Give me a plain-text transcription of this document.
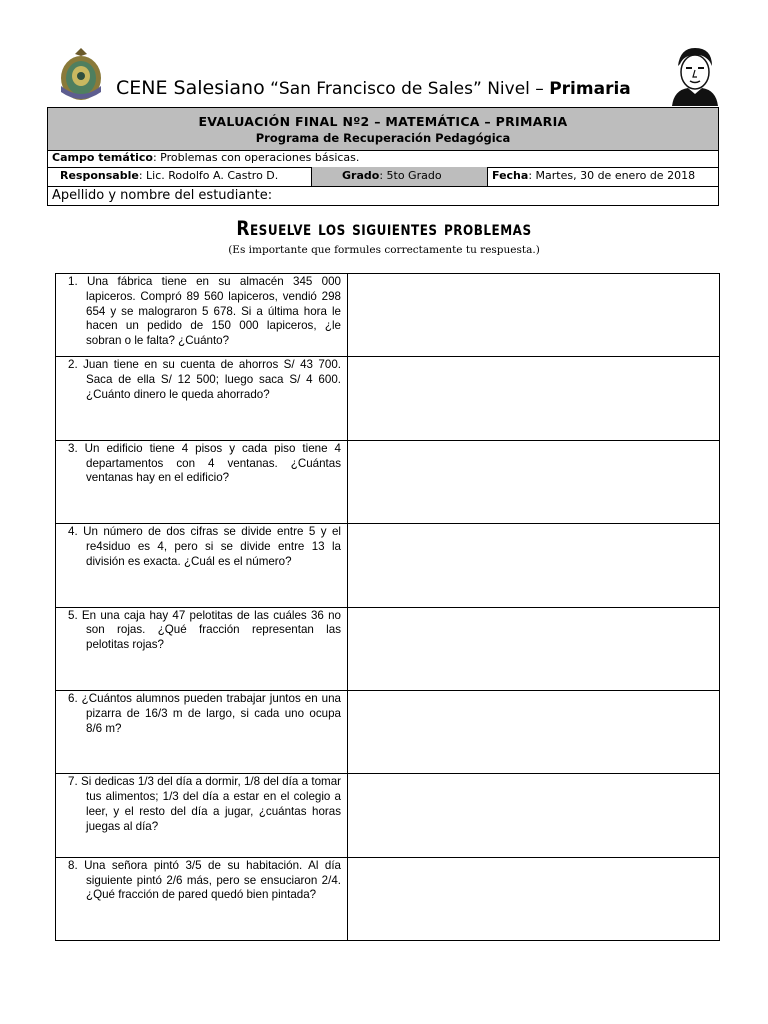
CENE Salesiano “San Francisco de Sales” Nivel – Primaria
EVALUACIÓN FINAL Nº2 – MATEMÁTICA – PRIMARIA
Programa de Recuperación Pedagógica
Campo temático: Problemas con operaciones básicas.
Responsable: Lic. Rodolfo A. Castro D.	Grado: 5to Grado	Fecha: Martes, 30 de enero de 2018
Apellido y nombre del estudiante:
Resuelve los siguientes problemas
(Es importante que formules correctamente tu respuesta.)

1. Una fábrica tiene en su almacén 345 000 lapiceros. Compró 89 560 lapiceros, vendió 298 654 y se malograron 5 678. Si a última hora le hacen un pedido de 150 000 lapiceros, ¿le sobran o le falta? ¿Cuánto?

2. Juan tiene en su cuenta de ahorros S/ 43 700. Saca de ella S/ 12 500; luego saca S/ 4 600. ¿Cuánto dinero le queda ahorrado?

3. Un edificio tiene 4 pisos y cada piso tiene 4 departamentos con 4 ventanas. ¿Cuántas ventanas hay en el edificio?

4. Un número de dos cifras se divide entre 5 y el re4siduo es 4, pero si se divide entre 13 la división es exacta. ¿Cuál es el número?

5. En una caja hay 47 pelotitas de las cuáles 36 no son rojas. ¿Qué fracción representan las pelotitas rojas?

6. ¿Cuántos alumnos pueden trabajar juntos en una pizarra de 16/3 m de largo, si cada uno ocupa 8/6 m?

7. Si dedicas 1/3 del día a dormir, 1/8 del día a tomar tus alimentos; 1/3 del día a estar en el colegio a leer, y el resto del día a jugar, ¿cuántas horas juegas al día?

8. Una señora pintó 3/5 de su habitación. Al día siguiente pintó 2/6 más, pero se ensuciaron 2/4. ¿Qué fracción de pared quedó bien pintada?
